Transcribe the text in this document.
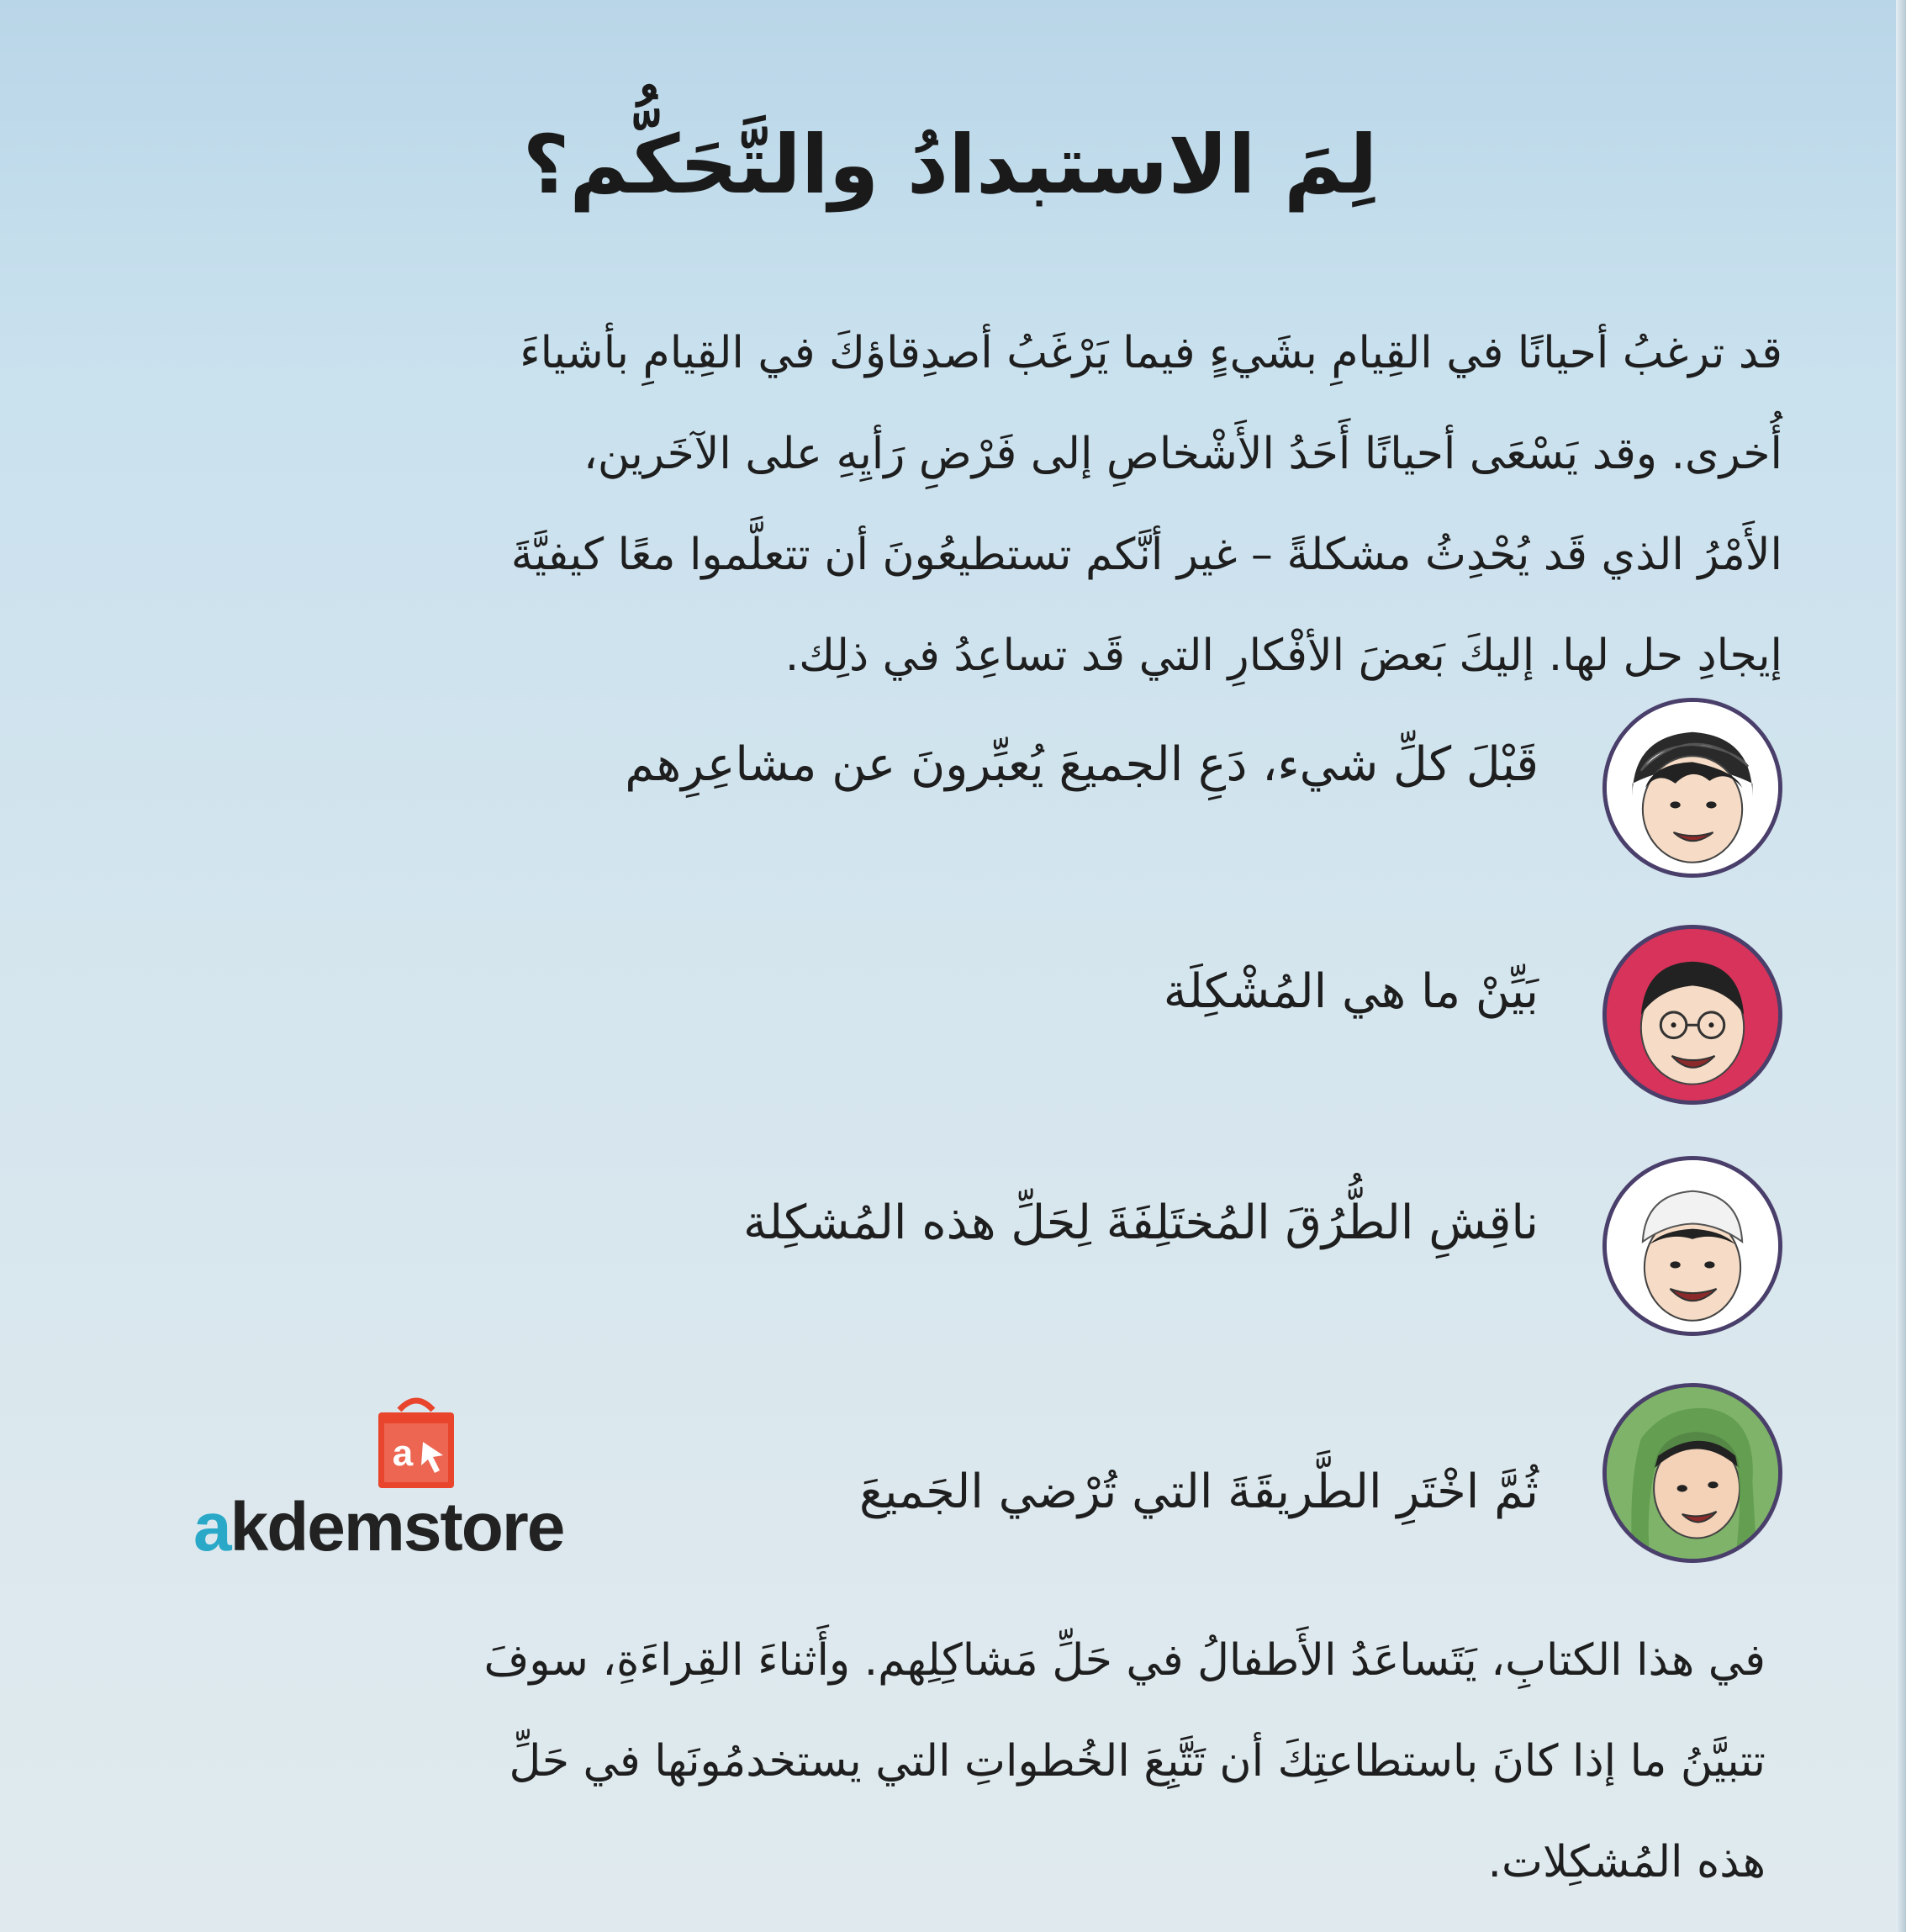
لِمَ الاستبدادُ والتَّحَكُّم؟

قد ترغبُ أحيانًا في القِيامِ بشَيءٍ فيما يَرْغَبُ أصدِقاؤكَ في القِيامِ بأشياءَ

أُخرى. وقد يَسْعَى أحيانًا أَحَدُ الأَشْخاصِ إلى فَرْضِ رَأيِهِ على الآخَرين،

الأَمْرُ الذي قَد يُحْدِثُ مشكلةً – غير أنَّكم تستطيعُونَ أن تتعلَّموا معًا كيفيَّةَ

إيجادِ حل لها. إليكَ بَعضَ الأفْكارِ التي قَد تساعِدُ في ذلِك.

قَبْلَ كلِّ شيء، دَعِ الجميعَ يُعبِّرونَ عن مشاعِرِهم
بَيِّنْ ما هي المُشْكِلَة
ناقِشِ الطُّرُقَ المُختَلِفَةَ لِحَلِّ هذه المُشكِلة
ثُمَّ اخْتَرِ الطَّريقَةَ التي تُرْضي الجَميعَ
a
akdemstore

في هذا الكتابِ، يَتَساعَدُ الأَطفالُ في حَلِّ مَشاكِلِهم. وأَثناءَ القِراءَةِ، سوفَ

تتبيَّنُ ما إذا كانَ باستطاعتِكَ أن تَتَّبِعَ الخُطواتِ التي يستخدمُونَها في حَلِّ

هذه المُشكِلات.
